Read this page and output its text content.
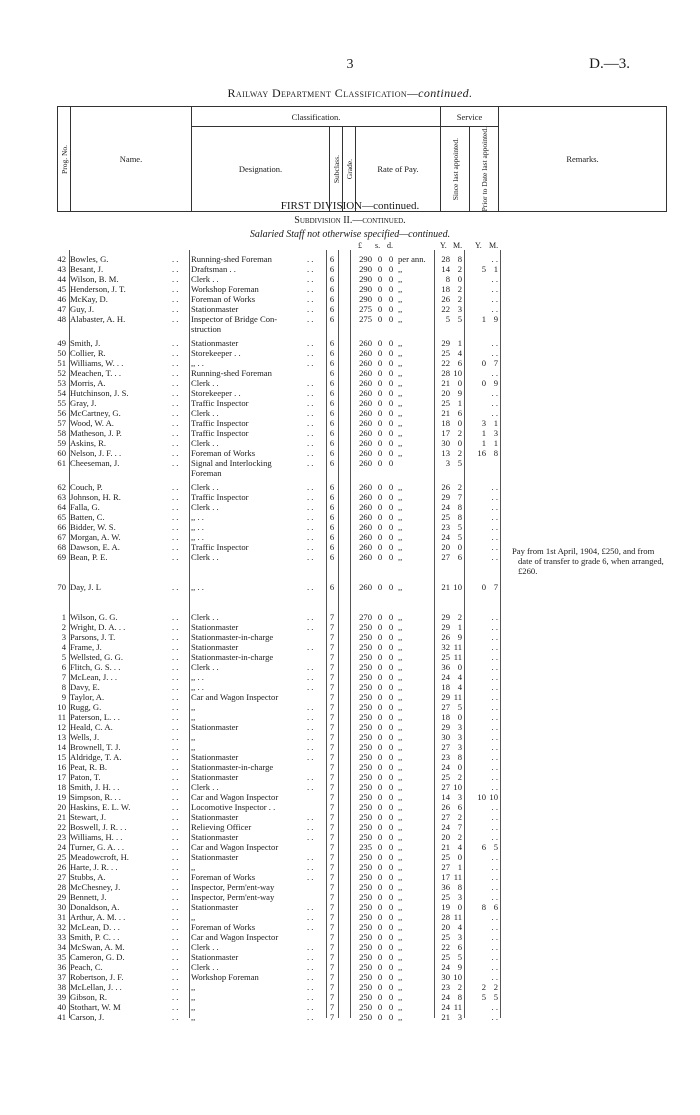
3	D.—3.
Railway Department Classification—continued.
Prog. No.	Name.	Classification.				Service		Remarks.
		Designation.	Subclass.	Grade.	Rate of Pay.	Since last appointed.	Prior to Date last appointed.	
FIRST DIVISION—continued.
Subdivision II.—continued.
Salaried Staff not otherwise specified—continued.
£ s. d.	Y. M. Y. M.
42 Bowles, G.	. .	Running-shed Foreman	. .	6	290 0 0 per ann.	28 8	. .
43 Besant, J.	. .	Draftsman . .	. .	6	290 0 0 ,,	14 2	5 1
44 Wilson, B. M.	. .	Clerk . .	. .	6	290 0 0 ,,	8 0	. .
45 Henderson, J. T.	. .	Workshop Foreman	. .	6	290 0 0 ,,	18 2	. .
46 McKay, D.	. .	Foreman of Works	. .	6	290 0 0 ,,	26 2	. .
47 Guy, J.	. .	Stationmaster	. .	6	275 0 0 ,,	22 3	. .
48 Alabaster, A. H.	. .	Inspector of Bridge Con-	. .	6	275 0 0 ,,	5 5	1 9
struction
49 Smith, J.	. .	Stationmaster	. .	6	260 0 0 ,,	29 1	. .
50 Collier, R.	. .	Storekeeper . .	. .	6	260 0 0 ,,	25 4	. .
51 Williams, W. . .	. .	,, . .	. .	6	260 0 0 ,,	22 6	0 7
52 Meachen, T. . .	. .	Running-shed Foreman	6	260 0 0 ,,	28 10	. .
53 Morris, A.	. .	Clerk . .	. .	6	260 0 0 ,,	21 0	0 9
54 Hutchinson, J. S.	. .	Storekeeper . .	. .	6	260 0 0 ,,	20 9	. .
55 Gray, J.	. .	Traffic Inspector	. .	6	260 0 0 ,,	25 1	. .
56 McCartney, G.	. .	Clerk . .	. .	6	260 0 0 ,,	21 6	. .
57 Wood, W. A.	. .	Traffic Inspector	. .	6	260 0 0 ,,	18 0	3 1
58 Matheson, J. P.	. .	Traffic Inspector	. .	6	260 0 0 ,,	17 2	1 3
59 Askins, R.	. .	Clerk . .	. .	6	260 0 0 ,,	30 0	1 1
60 Nelson, J. F. . .	. .	Foreman of Works	. .	6	260 0 0 ,,	13 2	16 8
61 Cheeseman, J.	. .	Signal and Interlocking	. .	6	260 0 0	3 5
Foreman
62 Couch, P.	. .	Clerk . .	. .	6	260 0 0 ,,	26 2	. .
63 Johnson, H. R.	. .	Traffic Inspector	. .	6	260 0 0 ,,	29 7	. .
64 Falla, G.	. .	Clerk . .	. .	6	260 0 0 ,,	24 8	. .
65 Batten, C.	. .	,, . .	. .	6	260 0 0 ,,	25 8	. .
66 Bidder, W. S.	. .	,, . .	. .	6	260 0 0 ,,	23 5	. .
67 Morgan, A. W.	. .	,, . .	. .	6	260 0 0 ,,	24 5	. .
68 Dawson, E. A.	. .	Traffic Inspector	. .	6	260 0 0 ,,	20 0	. .
69 Bean, P. E.	. .	Clerk . .	. .	6	260 0 0 ,,	27 6	. .
70 Day, J. L	. .	,, . .	. .	6	260 0 0 ,,	21 10	0 7
1 Wilson, G. G.	. .	Clerk . .	. .	7	270 0 0 ,,	29 2	. .
2 Wright, D. A. . .	. .	Stationmaster	. .	7	250 0 0 ,,	29 1	. .
3 Parsons, J. T.	. .	Stationmaster-in-charge	7	250 0 0 ,,	26 9	. .
4 Frame, J.	. .	Stationmaster	. .	7	250 0 0 ,,	32 11	. .
5 Wellsted, G. G.	. .	Stationmaster-in-charge	7	250 0 0 ,,	25 11	. .
6 Flitch, G. S. . .	. .	Clerk . .	. .	7	250 0 0 ,,	36 0	. .
7 McLean, J. . .	. .	,, . .	. .	7	250 0 0 ,,	24 4	. .
8 Davy, E.	. .	,, . .	. .	7	250 0 0 ,,	18 4	. .
9 Taylor, A.	. .	Car and Wagon Inspector	7	250 0 0 ,,	29 11	. .
10 Rugg, G.	. .	,,	. .	7	250 0 0 ,,	27 5	. .
11 Paterson, L. . .	. .	,,	. .	7	250 0 0 ,,	18 0	. .
12 Heald, C. A.	. .	Stationmaster	. .	7	250 0 0 ,,	29 3	. .
13 Wells, J.	. .	,,	. .	7	250 0 0 ,,	30 3	. .
14 Brownell, T. J.	. .	,,	. .	7	250 0 0 ,,	27 3	. .
15 Aldridge, T. A.	. .	Stationmaster	. .	7	250 0 0 ,,	23 8	. .
16 Peat, R. B.	. .	Stationmaster-in-charge	7	250 0 0 ,,	24 0	. .
17 Paton, T.	. .	Stationmaster	. .	7	250 0 0 ,,	25 2	. .
18 Smith, J. H. . .	. .	Clerk . .	. .	7	250 0 0 ,,	27 10	. .
19 Simpson, R. . .	. .	Car and Wagon Inspector	7	250 0 0 ,,	14 3	10 10
20 Haskins, E. L. W.	. .	Locomotive Inspector . .	7	250 0 0 ,,	26 6	. .
21 Stewart, J.	. .	Stationmaster	. .	7	250 0 0 ,,	27 2	. .
22 Boswell, J. R. . .	. .	Relieving Officer	. .	7	250 0 0 ,,	24 7	. .
23 Williams, H. . .	. .	Stationmaster	. .	7	250 0 0 ,,	20 2	. .
24 Turner, G. A. . .	. .	Car and Wagon Inspector	7	235 0 0 ,,	21 4	6 5
25 Meadowcroft, H.	. .	Stationmaster	. .	7	250 0 0 ,,	25 0	. .
26 Harte, J. R. . .	. .	,,	. .	7	250 0 0 ,,	27 1	. .
27 Stubbs, A.	. .	Foreman of Works	. .	7	250 0 0 ,,	17 11	. .
28 McChesney, J.	. .	Inspector, Perm'ent-way	7	250 0 0 ,,	36 8	. .
29 Bennett, J.	. .	Inspector, Perm'ent-way	7	250 0 0 ,,	25 3	. .
30 Donaldson, A.	. .	Stationmaster	. .	7	250 0 0 ,,	19 0	8 6
31 Arthur, A. M. . .	. .	,,	. .	7	250 0 0 ,,	28 11	. .
32 McLean, D. . .	. .	Foreman of Works	. .	7	250 0 0 ,,	20 4	. .
33 Smith, P. C. . .	. .	Car and Wagon Inspector	7	250 0 0 ,,	25 3	. .
34 McSwan, A. M.	. .	Clerk . .	. .	7	250 0 0 ,,	22 6	. .
35 Cameron, G. D.	. .	Stationmaster	. .	7	250 0 0 ,,	25 5	. .
36 Peach, C.	. .	Clerk . .	. .	7	250 0 0 ,,	24 9	. .
37 Robertson, J. F.	. .	Workshop Foreman	. .	7	250 0 0 ,,	30 10	. .
38 McLellan, J. . .	. .	,,	. .	7	250 0 0 ,,	23 2	2 2
39 Gibson, R.	. .	,,	. .	7	250 0 0 ,,	24 8	5 5
40 Stothart, W. M	. .	,,	. .	7	250 0 0 ,,	24 11	. .
41 Carson, J.	. .	,,	. .	7	250 0 0 ,,	21 3	. .
Pay from 1st April, 1904, £250, and from date of transfer to grade 6, when arranged, £260.
